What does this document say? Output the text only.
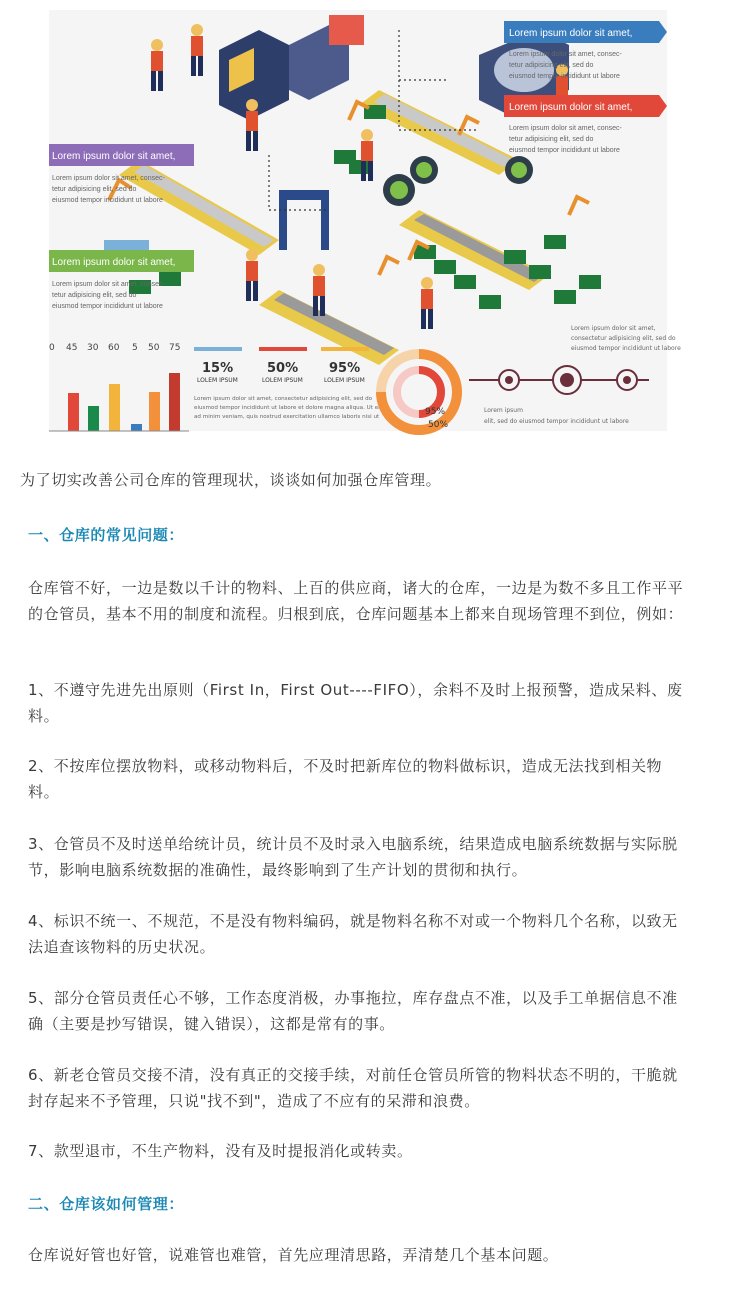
Lorem ipsum dolor sit amet,
Lorem ipsum dolor sit amet, consec-
tetur adipisicing elit, sed do
eiusmod tempor incididunt ut labore
Lorem ipsum dolor sit amet,
Lorem ipsum dolor sit amet, consec-
tetur adipisicing elit, sed do
eiusmod tempor incididunt ut labore
Lorem ipsum dolor sit amet,
Lorem ipsum dolor sit amet, consec-
tetur adipisicing elit, sed do
eiusmod tempor incididunt ut labore
Lorem ipsum dolor sit amet,
Lorem ipsum dolor sit amet, consec-
tetur adipisicing elit, sed do
eiusmod tempor incididunt ut labore
0 45 30 60 5 50 75
15%
LOLEM IPSUM
50%
LOLEM IPSUM
95%
LOLEM IPSUM
Lorem ipsum dolor sit amet, consectetur adipisicing elit, sed do
eiusmod tempor incididunt ut labore et dolore magna aliqua. Ut enim
ad minim veniam, quis nostrud exercitation ullamco laboris nisi ut	95%
50%
Lorem ipsum dolor sit amet,
consectetur adipisicing elit, sed do
eiusmod tempor incididunt ut labore
Lorem ipsum
elit, sed do eiusmod tempor incididunt ut labore
为了切实改善公司仓库的管理现状，谈谈如何加强仓库管理。
一、仓库的常见问题：
仓库管不好，一边是数以千计的物料、上百的供应商，诸大的仓库，一边是为数不多且工作平平的仓管员，基本不用的制度和流程。归根到底，仓库问题基本上都来自现场管理不到位，例如：
1、不遵守先进先出原则（First In，First Out----FIFO），余料不及时上报预警，造成呆料、废料。
2、不按库位摆放物料，或移动物料后，不及时把新库位的物料做标识，造成无法找到相关物料。
3、仓管员不及时送单给统计员，统计员不及时录入电脑系统，结果造成电脑系统数据与实际脱节，影响电脑系统数据的准确性，最终影响到了生产计划的贯彻和执行。
4、标识不统一、不规范，不是没有物料编码，就是物料名称不对或一个物料几个名称，以致无法追查该物料的历史状况。
5、部分仓管员责任心不够，工作态度消极，办事拖拉，库存盘点不准，以及手工单据信息不准确（主要是抄写错误，键入错误），这都是常有的事。
6、新老仓管员交接不清，没有真正的交接手续，对前任仓管员所管的物料状态不明的，干脆就封存起来不予管理，只说"找不到"，造成了不应有的呆滞和浪费。
7、款型退市，不生产物料，没有及时提报消化或转卖。
二、仓库该如何管理：
仓库说好管也好管，说难管也难管，首先应理清思路，弄清楚几个基本问题。
